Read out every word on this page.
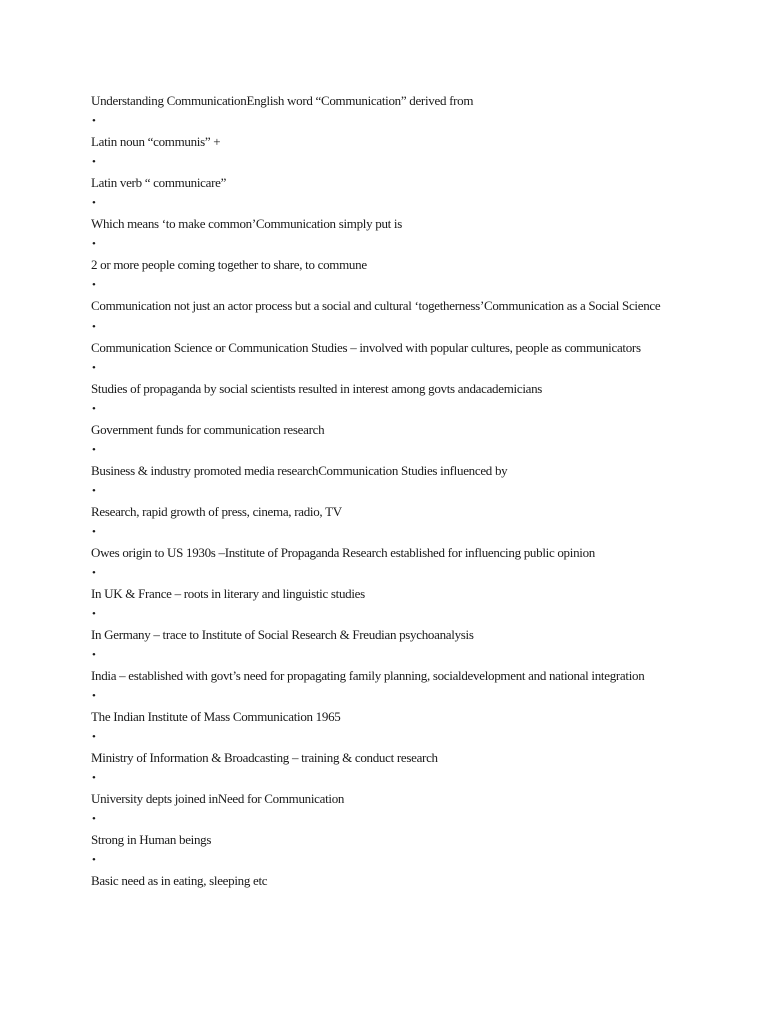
Understanding CommunicationEnglish word “Communication” derived from
•
Latin noun “communis” +
•
Latin verb “ communicare”
•
Which means ‘to make common’Communication simply put is
•
2 or more people coming together to share, to commune
•
Communication not just an actor process but a social and cultural ‘togetherness’Communication as a Social Science
•
Communication Science or Communication Studies – involved with popular cultures, people as communicators
•
Studies of propaganda by social scientists resulted in interest among govts andacademicians
•
Government funds for communication research
•
Business & industry promoted media researchCommunication Studies influenced by
•
Research, rapid growth of press, cinema, radio, TV
•
Owes origin to US 1930s –Institute of Propaganda Research established for influencing public opinion
•
In UK & France – roots in literary and linguistic studies
•
In Germany – trace to Institute of Social Research & Freudian psychoanalysis
•
India – established with govt’s need for propagating family planning, socialdevelopment and national integration
•
The Indian Institute of Mass Communication 1965
•
Ministry of Information & Broadcasting – training & conduct research
•
University depts joined inNeed for Communication
•
Strong in Human beings
•
Basic need as in eating, sleeping etc
